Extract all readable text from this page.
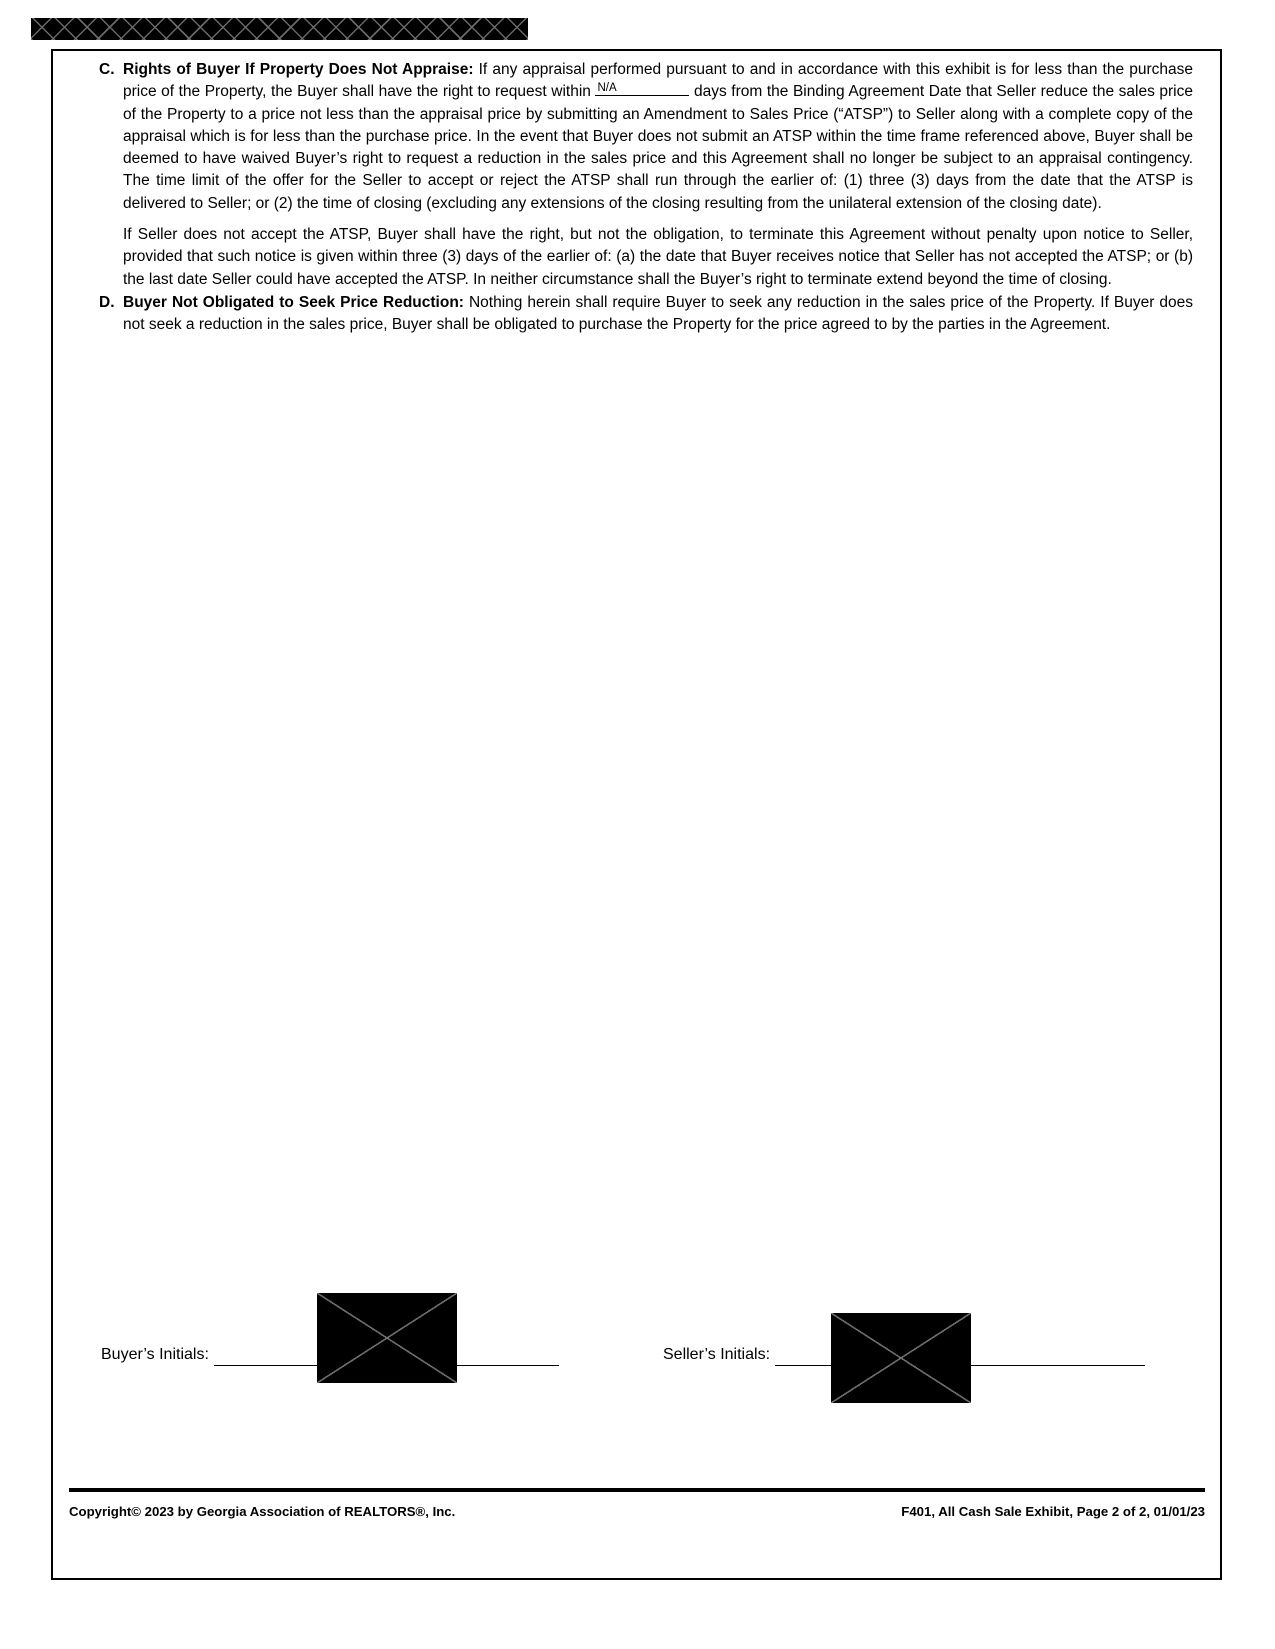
C. Rights of Buyer If Property Does Not Appraise: If any appraisal performed pursuant to and in accordance with this exhibit is for less than the purchase price of the Property, the Buyer shall have the right to request within N/A	days from the Binding Agreement Date that Seller reduce the sales price of the Property to a price not less than the appraisal price by submitting an Amendment to Sales Price (“ATSP”) to Seller along with a complete copy of the appraisal which is for less than the purchase price. In the event that Buyer does not submit an ATSP within the time frame referenced above, Buyer shall be deemed to have waived Buyer’s right to request a reduction in the sales price and this Agreement shall no longer be subject to an appraisal contingency. The time limit of the offer for the Seller to accept or reject the ATSP shall run through the earlier of: (1) three (3) days from the date that the ATSP is delivered to Seller; or (2) the time of closing (excluding any extensions of the closing resulting from the unilateral extension of the closing date).
If Seller does not accept the ATSP, Buyer shall have the right, but not the obligation, to terminate this Agreement without penalty upon notice to Seller, provided that such notice is given within three (3) days of the earlier of: (a) the date that Buyer receives notice that Seller has not accepted the ATSP; or (b) the last date Seller could have accepted the ATSP. In neither circumstance shall the Buyer’s right to terminate extend beyond the time of closing.
D. Buyer Not Obligated to Seek Price Reduction: Nothing herein shall require Buyer to seek any reduction in the sales price of the Property. If Buyer does not seek a reduction in the sales price, Buyer shall be obligated to purchase the Property for the price agreed to by the parties in the Agreement.
Buyer’s Initials:	Seller’s Initials:
Copyright© 2023 by Georgia Association of REALTORS®, Inc.	F401, All Cash Sale Exhibit, Page 2 of 2, 01/01/23
